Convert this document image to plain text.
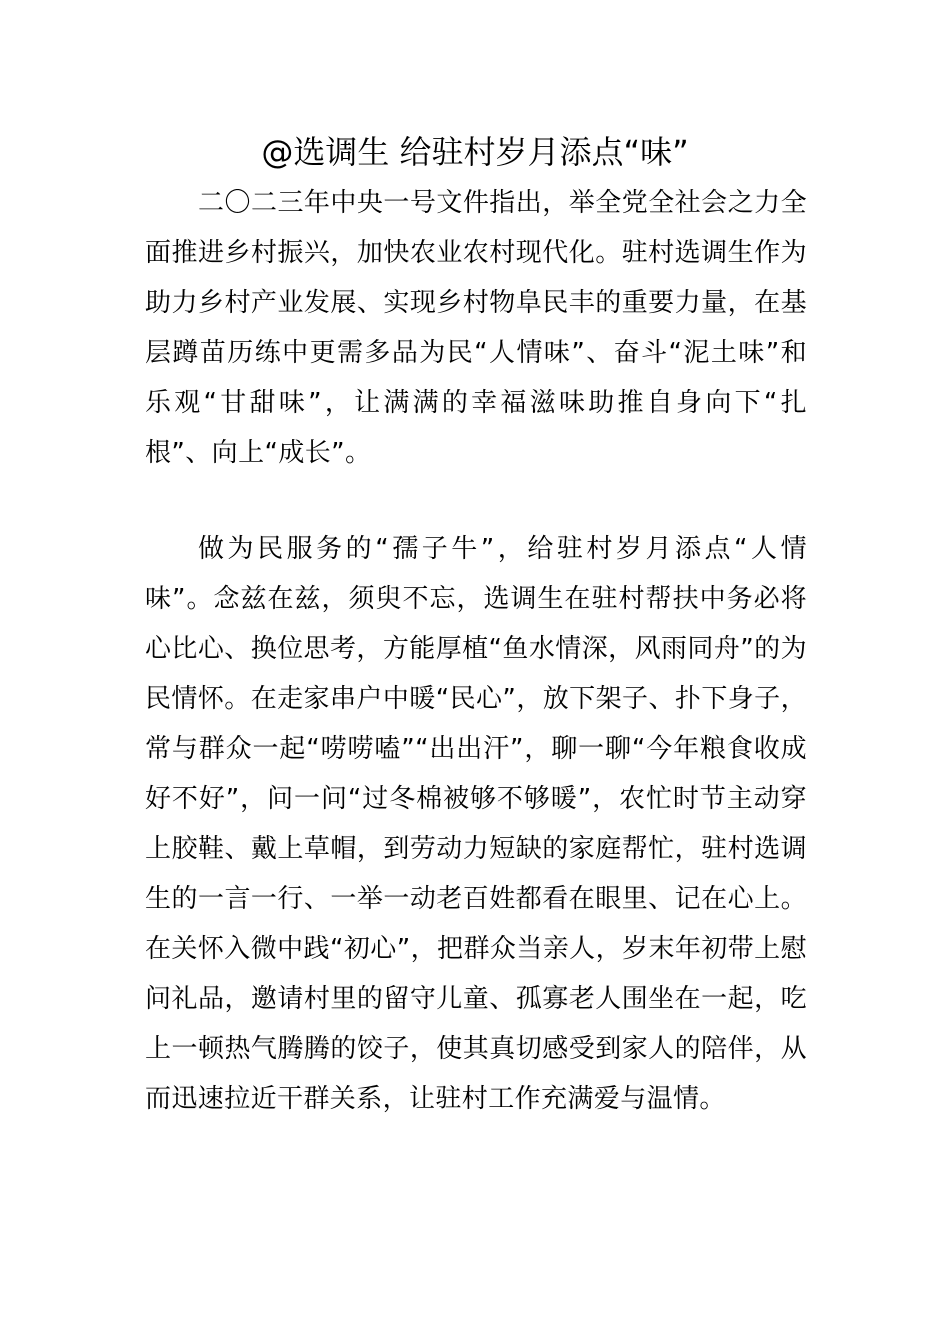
@选调生 给驻村岁月添点“味”

二〇二三年中央一号文件指出，举全党全社会之力全面推进乡村振兴，加快农业农村现代化。驻村选调生作为助力乡村产业发展、实现乡村物阜民丰的重要力量，在基层蹲苗历练中更需多品为民“人情味”、奋斗“泥土味”和乐观“甘甜味”，让满满的幸福滋味助推自身向下“扎根”、向上“成长”。

做为民服务的“孺子牛”，给驻村岁月添点“人情味”。念兹在兹，须臾不忘，选调生在驻村帮扶中务必将心比心、换位思考，方能厚植“鱼水情深，风雨同舟”的为民情怀。在走家串户中暖“民心”，放下架子、扑下身子，常与群众一起“唠唠嗑”“出出汗”，聊一聊“今年粮食收成好不好”，问一问“过冬棉被够不够暖”，农忙时节主动穿上胶鞋、戴上草帽，到劳动力短缺的家庭帮忙，驻村选调生的一言一行、一举一动老百姓都看在眼里、记在心上。在关怀入微中践“初心”，把群众当亲人，岁末年初带上慰问礼品，邀请村里的留守儿童、孤寡老人围坐在一起，吃上一顿热气腾腾的饺子，使其真切感受到家人的陪伴，从而迅速拉近干群关系，让驻村工作充满爱与温情。
